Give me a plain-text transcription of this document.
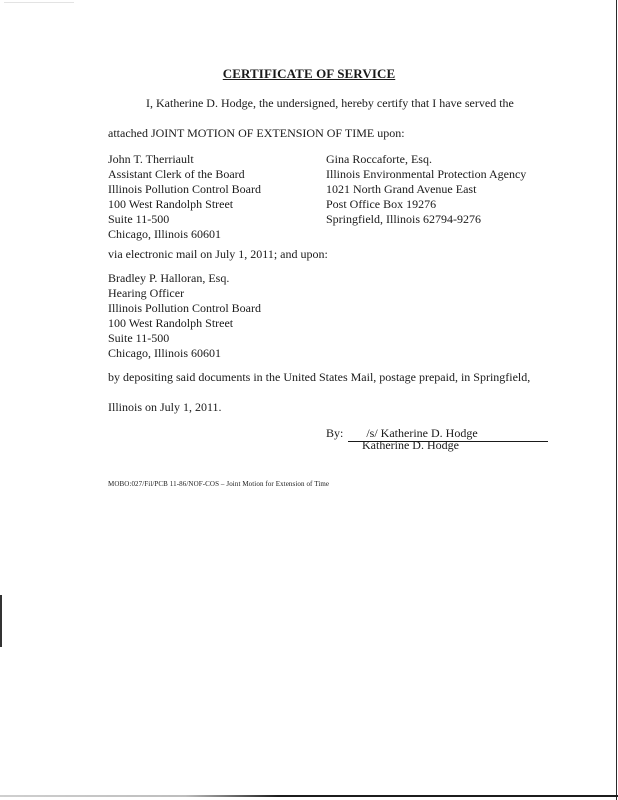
CERTIFICATE OF SERVICE
I, Katherine D. Hodge, the undersigned, hereby certify that I have served the
attached JOINT MOTION OF EXTENSION OF TIME upon:
John T. Therriault
Assistant Clerk of the Board
Illinois Pollution Control Board
100 West Randolph Street
Suite 11-500
Chicago, Illinois 60601
Gina Roccaforte, Esq.
Illinois Environmental Protection Agency
1021 North Grand Avenue East
Post Office Box 19276
Springfield, Illinois 62794-9276
via electronic mail on July 1, 2011; and upon:
Bradley P. Halloran, Esq.
Hearing Officer
Illinois Pollution Control Board
100 West Randolph Street
Suite 11-500
Chicago, Illinois 60601
by depositing said documents in the United States Mail, postage prepaid, in Springfield,
Illinois on July 1, 2011.
By: /s/ Katherine D. Hodge
Katherine D. Hodge
MOBO:027/Fil/PCB 11-86/NOF-COS – Joint Motion for Extension of Time
